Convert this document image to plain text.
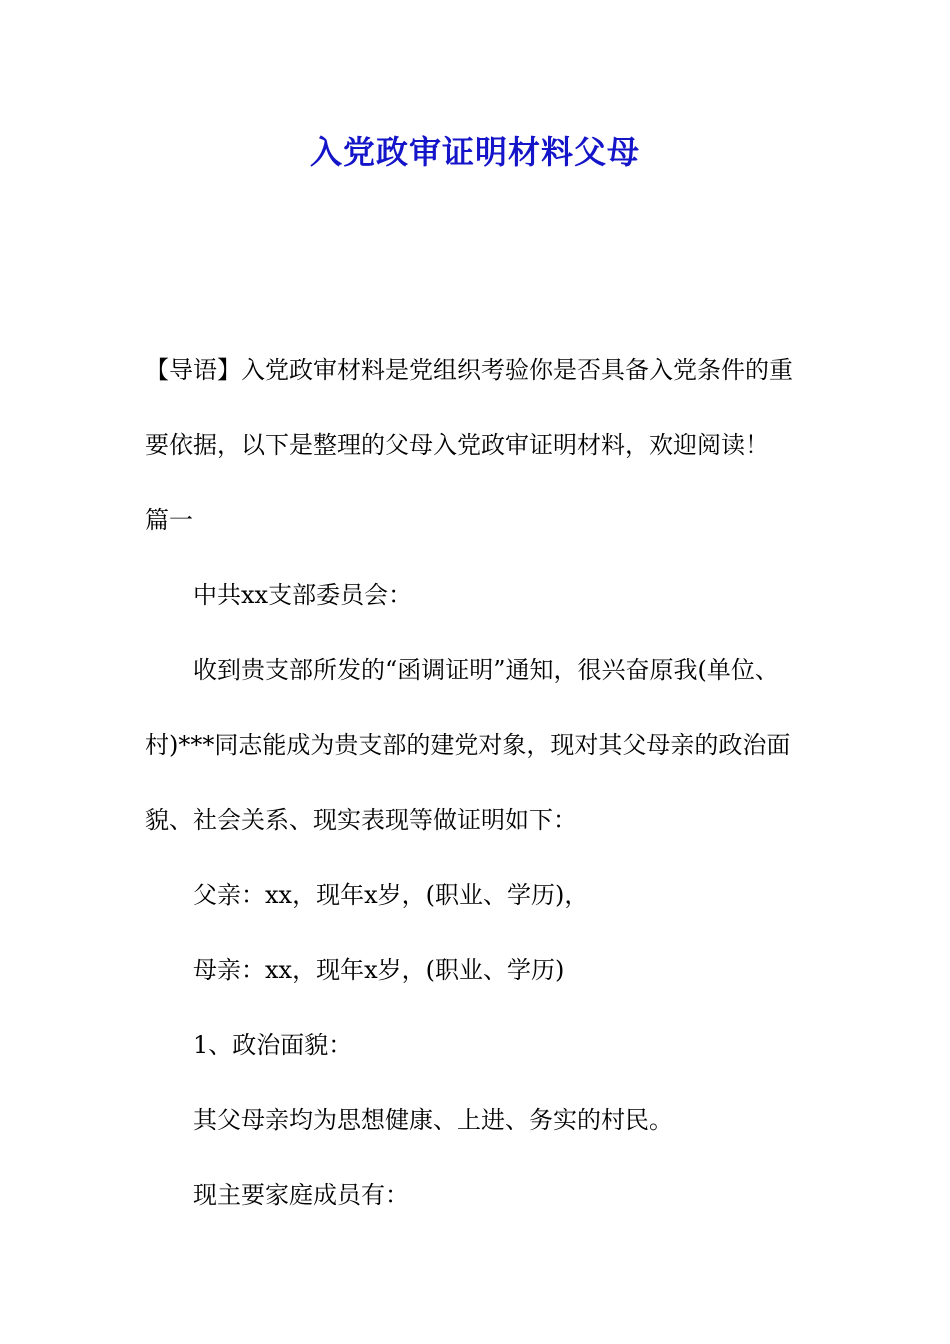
入党政审证明材料父母
【导语】入党政审材料是党组织考验你是否具备入党条件的重
要依据，以下是整理的父母入党政审证明材料，欢迎阅读！
篇一
中共xx支部委员会：
收到贵支部所发的“函调证明”通知，很兴奋原我(单位、
村)***同志能成为贵支部的建党对象，现对其父母亲的政治面
貌、社会关系、现实表现等做证明如下：
父亲：xx，现年x岁，(职业、学历)，
母亲：xx，现年x岁，(职业、学历)
1、政治面貌：
其父母亲均为思想健康、上进、务实的村民。
现主要家庭成员有：
